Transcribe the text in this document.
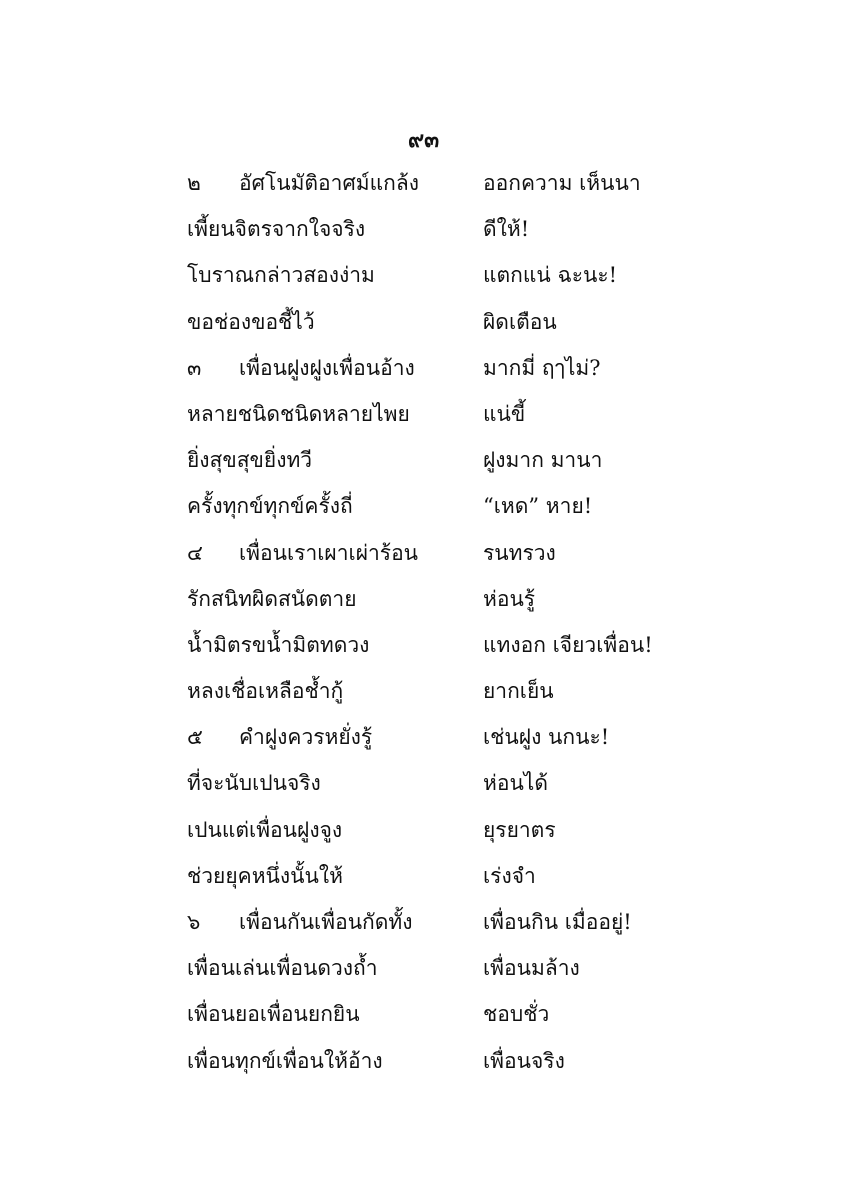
๙๓
๒ อัศโนมัติอาศม์แกล้ง	ออกความ เห็นนา
เพี้ยนจิตรจากใจจริง	ดีให้!
โบราณกล่าวสองง่าม	แตกแน่ ฉะนะ!
ขอช่องขอชี้ไว้	ผิดเตือน
๓ เพื่อนฝูงฝูงเพื่อนอ้าง	มากมี่ ฤๅไม่?
หลายชนิดชนิดหลายไพย	แน่ขี้
ยิ่งสุขสุขยิ่งทวี	ฝูงมาก มานา
ครั้งทุกข์ทุกข์ครั้งถี่	“เหด” หาย!
๔ เพื่อนเราเผาเผ่าร้อน	รนทรวง
รักสนิทผิดสนัดตาย	ห่อนรู้
น้ำมิตรขน้ำมิตทดวง	แทงอก เจียวเพื่อน!
หลงเชื่อเหลือช้ำกู้	ยากเย็น
๕ คำฝูงควรหยั่งรู้	เช่นฝูง นกนะ!
ที่จะนับเปนจริง	ห่อนได้
เปนแต่เพื่อนฝูงจูง	ยุรยาตร
ช่วยยุคหนึ่งนั้นให้	เร่งจำ
๖ เพื่อนกันเพื่อนกัดทั้ง	เพื่อนกิน เมื่ออยู่!
เพื่อนเล่นเพื่อนดวงถ้ำ	เพื่อนมล้าง
เพื่อนยอเพื่อนยกยิน	ชอบชั่ว
เพื่อนทุกข์เพื่อนให้อ้าง	เพื่อนจริง
